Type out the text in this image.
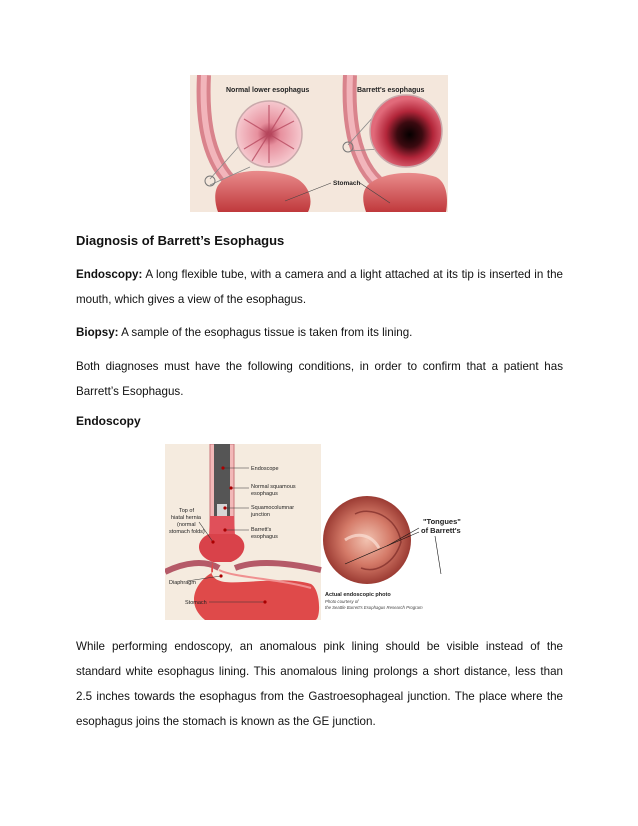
Normal lower esophagus	Barrett's esophagus
Stomach
Diagnosis of Barrett’s Esophagus

Endoscopy: A long flexible tube, with a camera and a light attached at its tip is inserted in the mouth, which gives a view of the esophagus.

Biopsy: A sample of the esophagus tissue is taken from its lining.

Both diagnoses must have the following conditions, in order to confirm that a patient has Barrett’s Esophagus.

Endoscopy
Endoscope
Normal squamous
esophagus
Squamocolumnar
junction
Barrett's
esophagus
Top of
hiatal hernia
(normal
stomach folds)
Diaphragm
Stomach
"Tongues"
of Barrett's
Actual endoscopic photo
Photo courtesy of
the Seattle Barrett's Esophagus Research Program

While performing endoscopy, an anomalous pink lining should be visible instead of the standard white esophagus lining. This anomalous lining prolongs a short distance, less than 2.5 inches towards the esophagus from the Gastroesophageal junction. The place where the esophagus joins the stomach is known as the GE junction.
